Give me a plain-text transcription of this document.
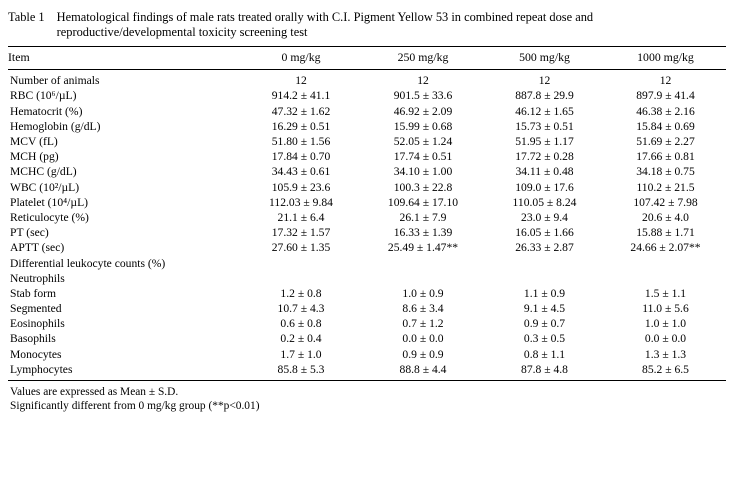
Table 1 Hematological findings of male rats treated orally with C.I. Pigment Yellow 53 in combined repeat dose and reproductive/developmental toxicity screening test
Item	0 mg/kg	250 mg/kg	500 mg/kg	1000 mg/kg
Number of animals	12	12	12	12
RBC (10⁶/µL)	914.2 ± 41.1	901.5 ± 33.6	887.8 ± 29.9	897.9 ± 41.4
Hematocrit (%)	47.32 ± 1.62	46.92 ± 2.09	46.12 ± 1.65	46.38 ± 2.16
Hemoglobin (g/dL)	16.29 ± 0.51	15.99 ± 0.68	15.73 ± 0.51	15.84 ± 0.69
MCV (fL)	51.80 ± 1.56	52.05 ± 1.24	51.95 ± 1.17	51.69 ± 2.27
MCH (pg)	17.84 ± 0.70	17.74 ± 0.51	17.72 ± 0.28	17.66 ± 0.81
MCHC (g/dL)	34.43 ± 0.61	34.10 ± 1.00	34.11 ± 0.48	34.18 ± 0.75
WBC (10²/µL)	105.9 ± 23.6	100.3 ± 22.8	109.0 ± 17.6	110.2 ± 21.5
Platelet (10⁴/µL)	112.03 ± 9.84	109.64 ± 17.10	110.05 ± 8.24	107.42 ± 7.98
Reticulocyte (%)	21.1 ± 6.4	26.1 ± 7.9	23.0 ± 9.4	20.6 ± 4.0
PT (sec)	17.32 ± 1.57	16.33 ± 1.39	16.05 ± 1.66	15.88 ± 1.71
APTT (sec)	27.60 ± 1.35	25.49 ± 1.47**	26.33 ± 2.87	24.66 ± 2.07**
Differential leukocyte counts (%)				
Neutrophils				
Stab form	1.2 ± 0.8	1.0 ± 0.9	1.1 ± 0.9	1.5 ± 1.1
Segmented	10.7 ± 4.3	8.6 ± 3.4	9.1 ± 4.5	11.0 ± 5.6
Eosinophils	0.6 ± 0.8	0.7 ± 1.2	0.9 ± 0.7	1.0 ± 1.0
Basophils	0.2 ± 0.4	0.0 ± 0.0	0.3 ± 0.5	0.0 ± 0.0
Monocytes	1.7 ± 1.0	0.9 ± 0.9	0.8 ± 1.1	1.3 ± 1.3
Lymphocytes	85.8 ± 5.3	88.8 ± 4.4	87.8 ± 4.8	85.2 ± 6.5
Values are expressed as Mean ± S.D.
Significantly different from 0 mg/kg group (**p<0.01)
